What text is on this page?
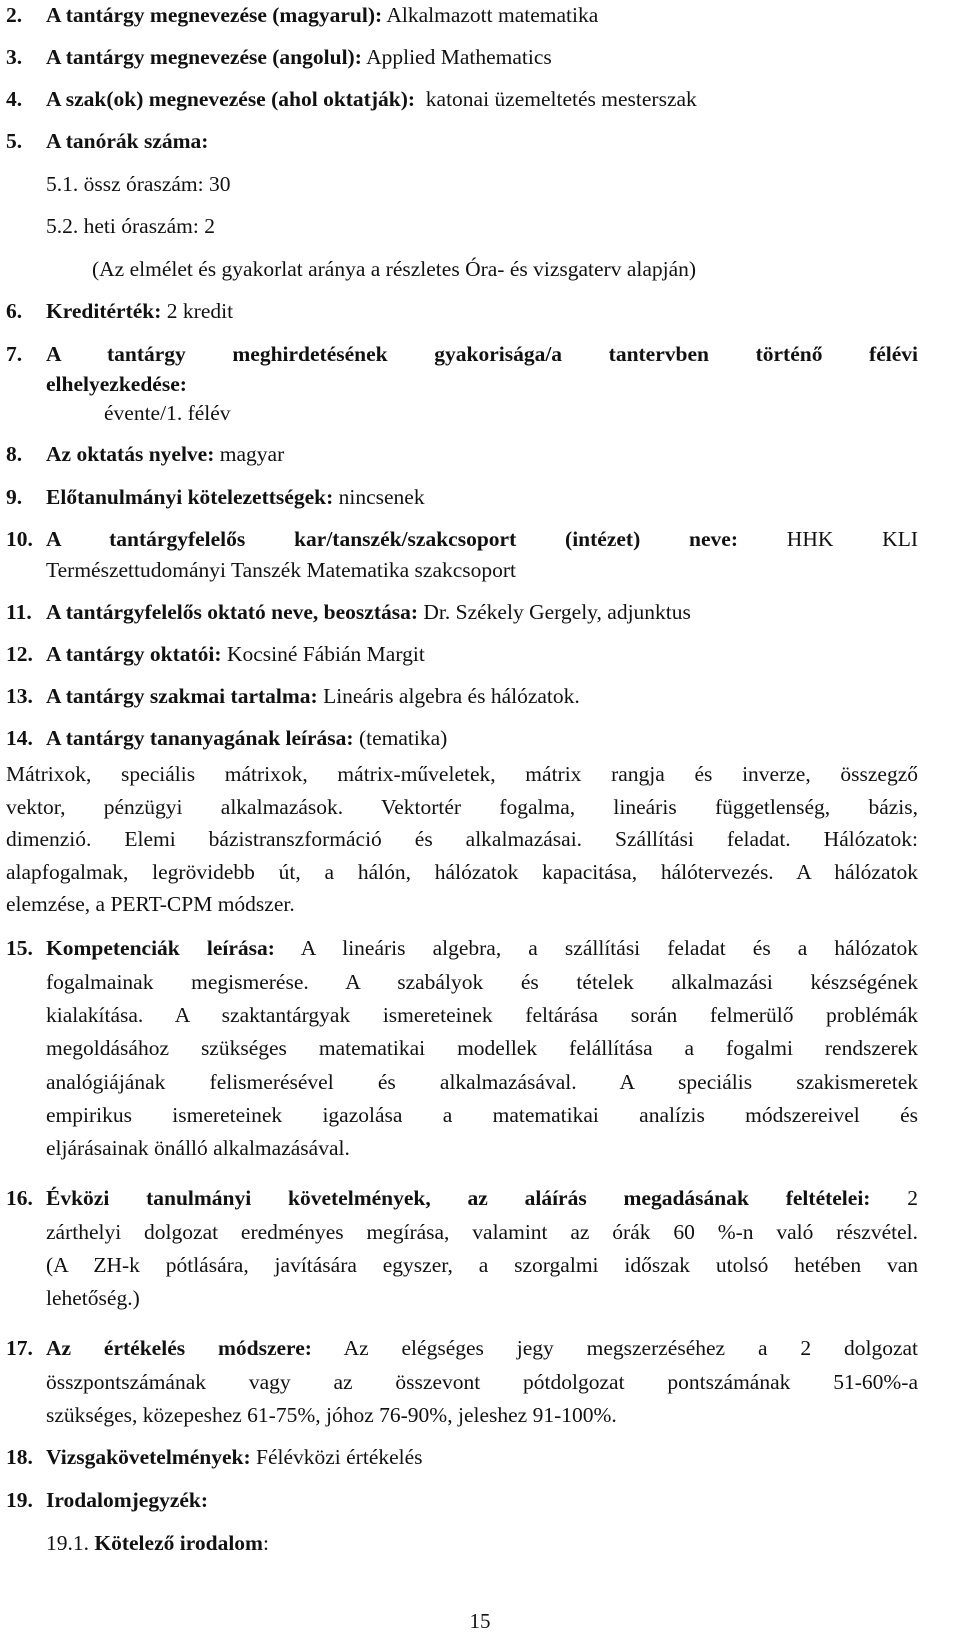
2. A tantárgy megnevezése (magyarul): Alkalmazott matematika
3. A tantárgy megnevezése (angolul): Applied Mathematics
4. A szak(ok) megnevezése (ahol oktatják):  katonai üzemeltetés mesterszak
5. A tanórák száma:
5.1. össz óraszám: 30
5.2. heti óraszám: 2
(Az elmélet és gyakorlat aránya a részletes Óra- és vizsgaterv alapján)
6. Kreditérték: 2 kredit
7. A tantárgy meghirdetésének gyakorisága/a tantervben történő félévi
elhelyezkedése:
évente/1. félév
8. Az oktatás nyelve: magyar
9. Előtanulmányi kötelezettségek: nincsenek
10. A tantárgyfelelős kar/tanszék/szakcsoport (intézet) neve: HHK KLI
Természettudományi Tanszék Matematika szakcsoport
11. A tantárgyfelelős oktató neve, beosztása: Dr. Székely Gergely, adjunktus
12. A tantárgy oktatói: Kocsiné Fábián Margit
13. A tantárgy szakmai tartalma: Lineáris algebra és hálózatok.
14. A tantárgy tananyagának leírása: (tematika)
Mátrixok, speciális mátrixok, mátrix-műveletek, mátrix rangja és inverze, összegző
vektor, pénzügyi alkalmazások. Vektortér fogalma, lineáris függetlenség, bázis,
dimenzió. Elemi bázistranszformáció és alkalmazásai. Szállítási feladat. Hálózatok:
alapfogalmak, legrövidebb út, a hálón, hálózatok kapacitása, hálótervezés. A hálózatok
elemzése, a PERT-CPM módszer.
15. Kompetenciák leírása: A lineáris algebra, a szállítási feladat és a hálózatok
fogalmainak megismerése. A szabályok és tételek alkalmazási készségének
kialakítása. A szaktantárgyak ismereteinek feltárása során felmerülő problémák
megoldásához szükséges matematikai modellek felállítása a fogalmi rendszerek
analógiájának felismerésével és alkalmazásával. A speciális szakismeretek
empirikus ismereteinek igazolása a matematikai analízis módszereivel és
eljárásainak önálló alkalmazásával.
16. Évközi tanulmányi követelmények, az aláírás megadásának feltételei: 2
zárthelyi dolgozat eredményes megírása, valamint az órák 60 %-n való részvétel.
(A ZH-k pótlására, javítására egyszer, a szorgalmi időszak utolsó hetében van
lehetőség.)
17. Az értékelés módszere: Az elégséges jegy megszerzéséhez a 2 dolgozat
összpontszámának vagy az összevont pótdolgozat pontszámának 51-60%-a
szükséges, közepeshez 61-75%, jóhoz 76-90%, jeleshez 91-100%.
18. Vizsgakövetelmények: Félévközi értékelés
19. Irodalomjegyzék:
19.1. Kötelező irodalom:
15
